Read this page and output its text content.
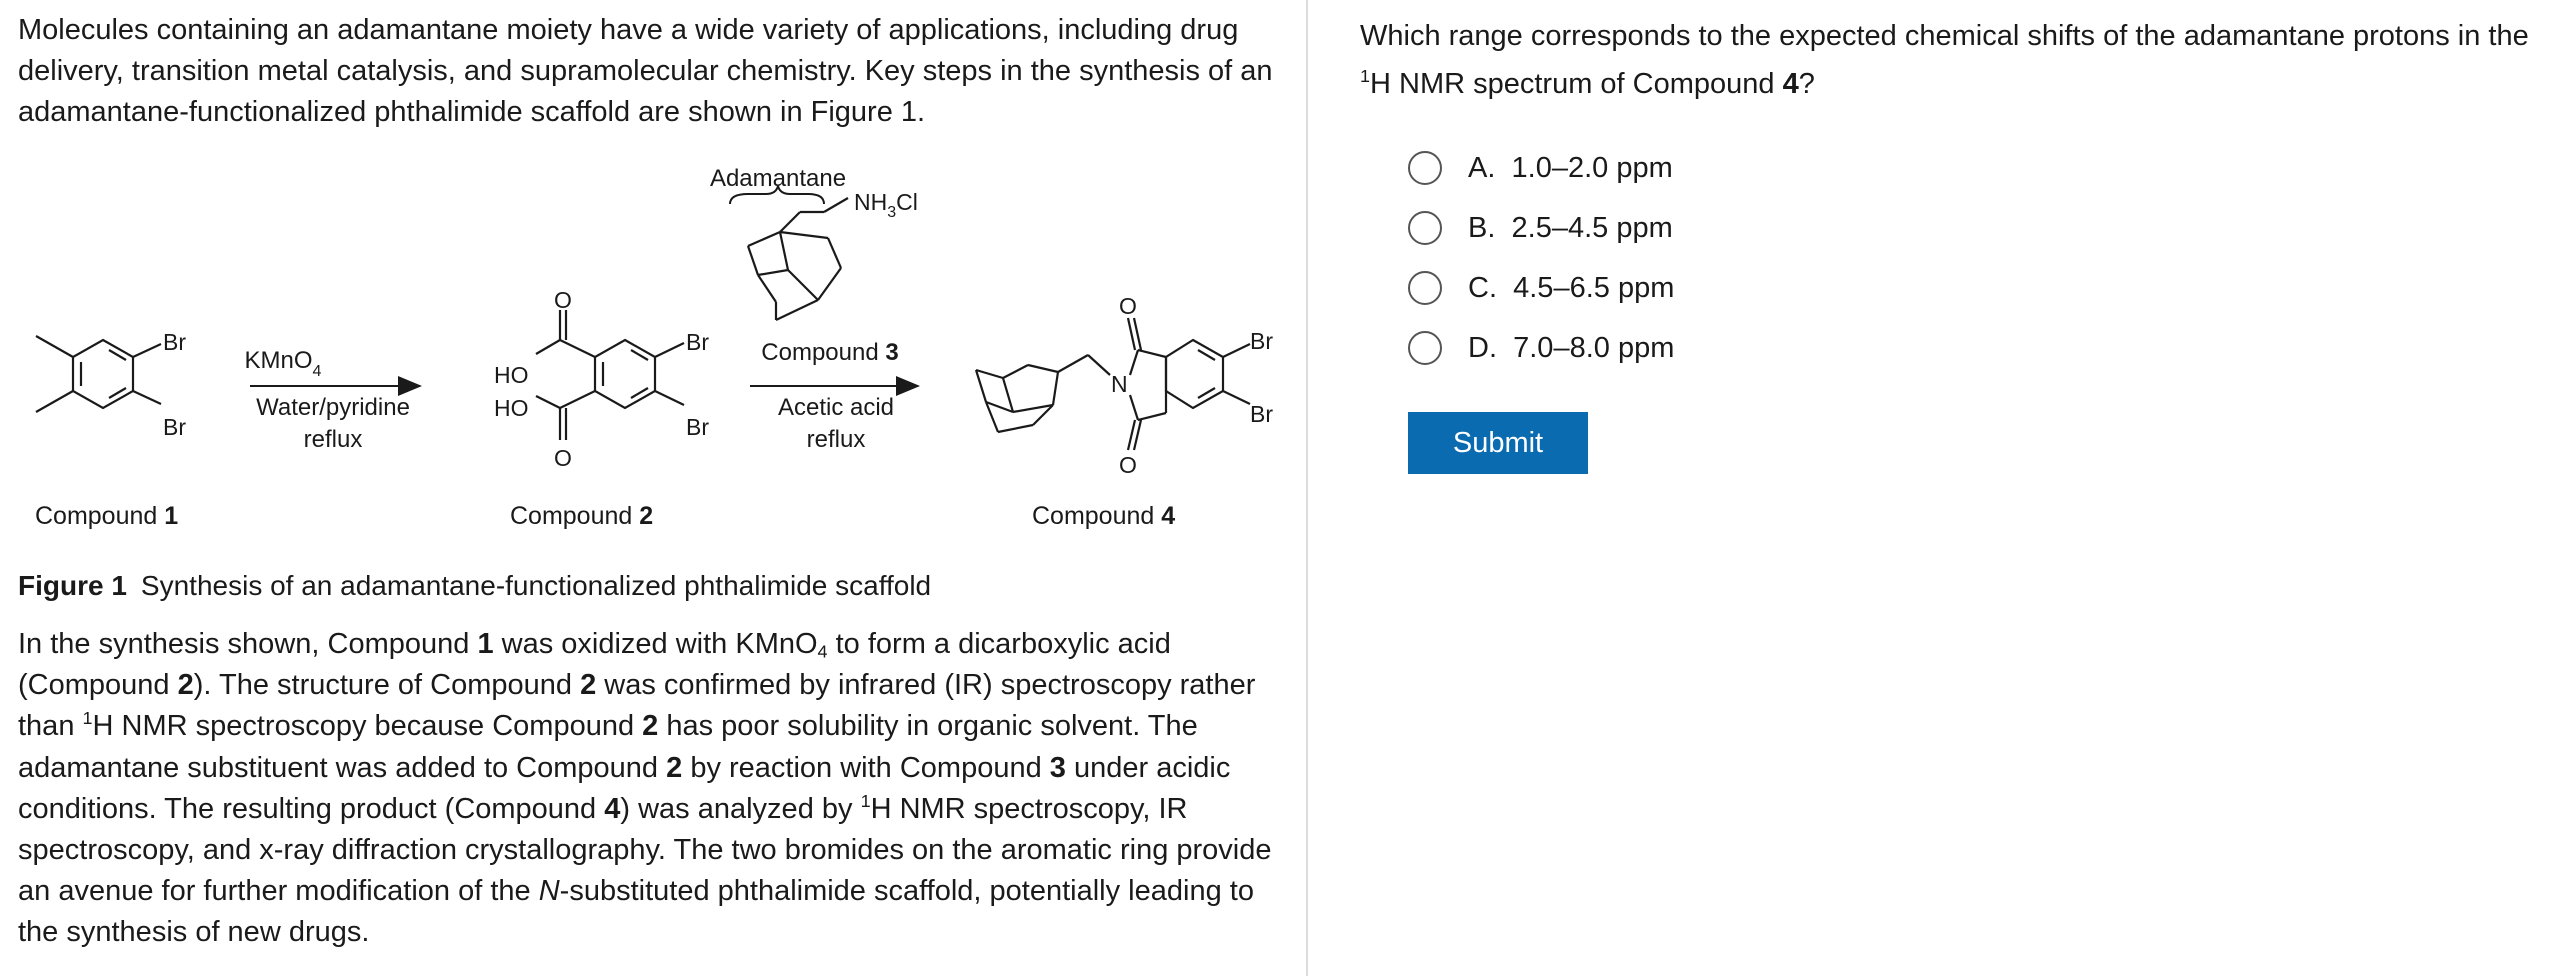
Molecules containing an adamantane moiety have a wide variety of applications, including drug delivery, transition metal catalysis, and supramolecular chemistry. Key steps in the synthesis of an adamantane-functionalized phthalimide scaffold are shown in Figure 1.

Br
Br
KMnO$_4$
Water/pyridine
reflux
O
O
HO
HO
Br
Br
Adamantane
$NH_3Cl$
Compound 3
Acetic acid
reflux
N
O
O
Br
Br
Compound 1	Compound 2	Compound 4

Figure 1 Synthesis of an adamantane-functionalized phthalimide scaffold

In the synthesis shown, Compound 1 was oxidized with KMnO$_4$ to form a dicarboxylic acid (Compound 2). The structure of Compound 2 was confirmed by infrared (IR) spectroscopy rather than $^1$H NMR spectroscopy because Compound 2 has poor solubility in organic solvent. The adamantane substituent was added to Compound 2 by reaction with Compound 3 under acidic conditions. The resulting product (Compound 4) was analyzed by $^1$H NMR spectroscopy, IR spectroscopy, and x-ray diffraction crystallography. The two bromides on the aromatic ring provide an avenue for further modification of the N-substituted phthalimide scaffold, potentially leading to the synthesis of new drugs.

Which range corresponds to the expected chemical shifts of the adamantane protons in the $^1$H NMR spectrum of Compound 4?

A. 1.0–2.0 ppm
B. 2.5–4.5 ppm
C. 4.5–6.5 ppm
D. 7.0–8.0 ppm
Submit
